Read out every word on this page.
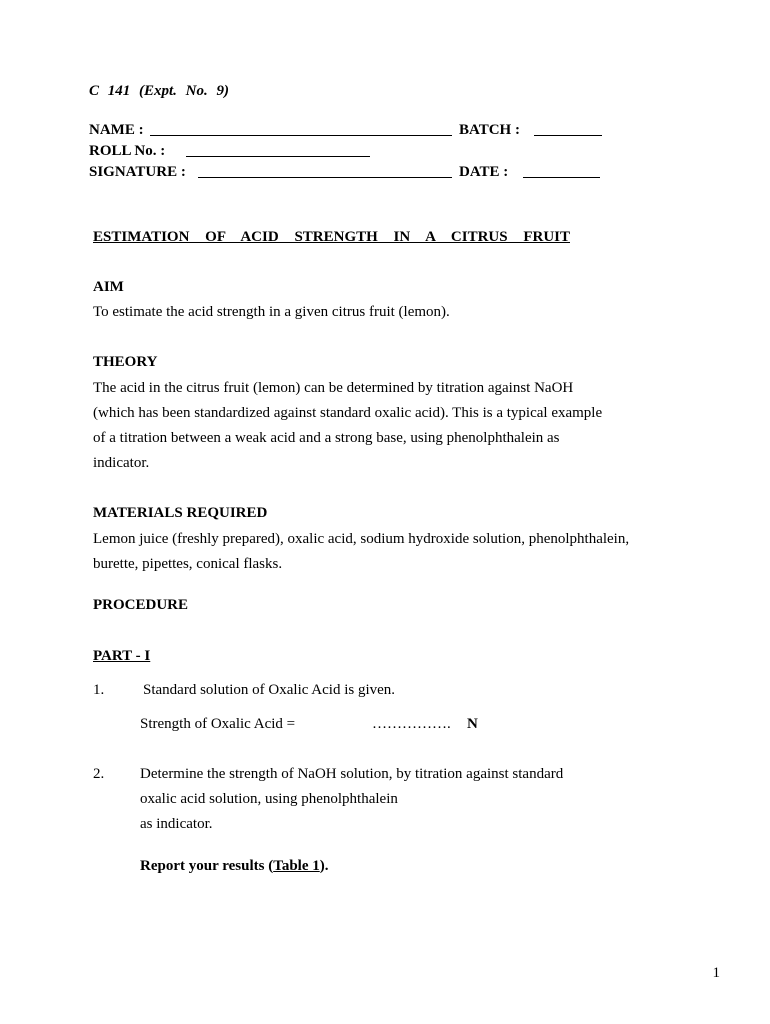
C 141 (Expt. No. 9)
NAME :	BATCH :
ROLL No. :
SIGNATURE :	DATE :
ESTIMATION OF ACID STRENGTH IN A CITRUS FRUIT
AIM
To estimate the acid strength in a given citrus fruit (lemon).
THEORY
The acid in the citrus fruit (lemon) can be determined by titration against NaOH
(which has been standardized against standard oxalic acid). This is a typical example
of a titration between a weak acid and a strong base, using phenolphthalein as
indicator.
MATERIALS REQUIRED
Lemon juice (freshly prepared), oxalic acid, sodium hydroxide solution, phenolphthalein,
burette, pipettes, conical flasks.
PROCEDURE
PART - I
1.	Standard solution of Oxalic Acid is given.
Strength of Oxalic Acid =	……………. N
2. Determine the strength of NaOH solution, by titration against standard
oxalic acid solution, using phenolphthalein
as indicator.
Report your results (Table 1).
1
